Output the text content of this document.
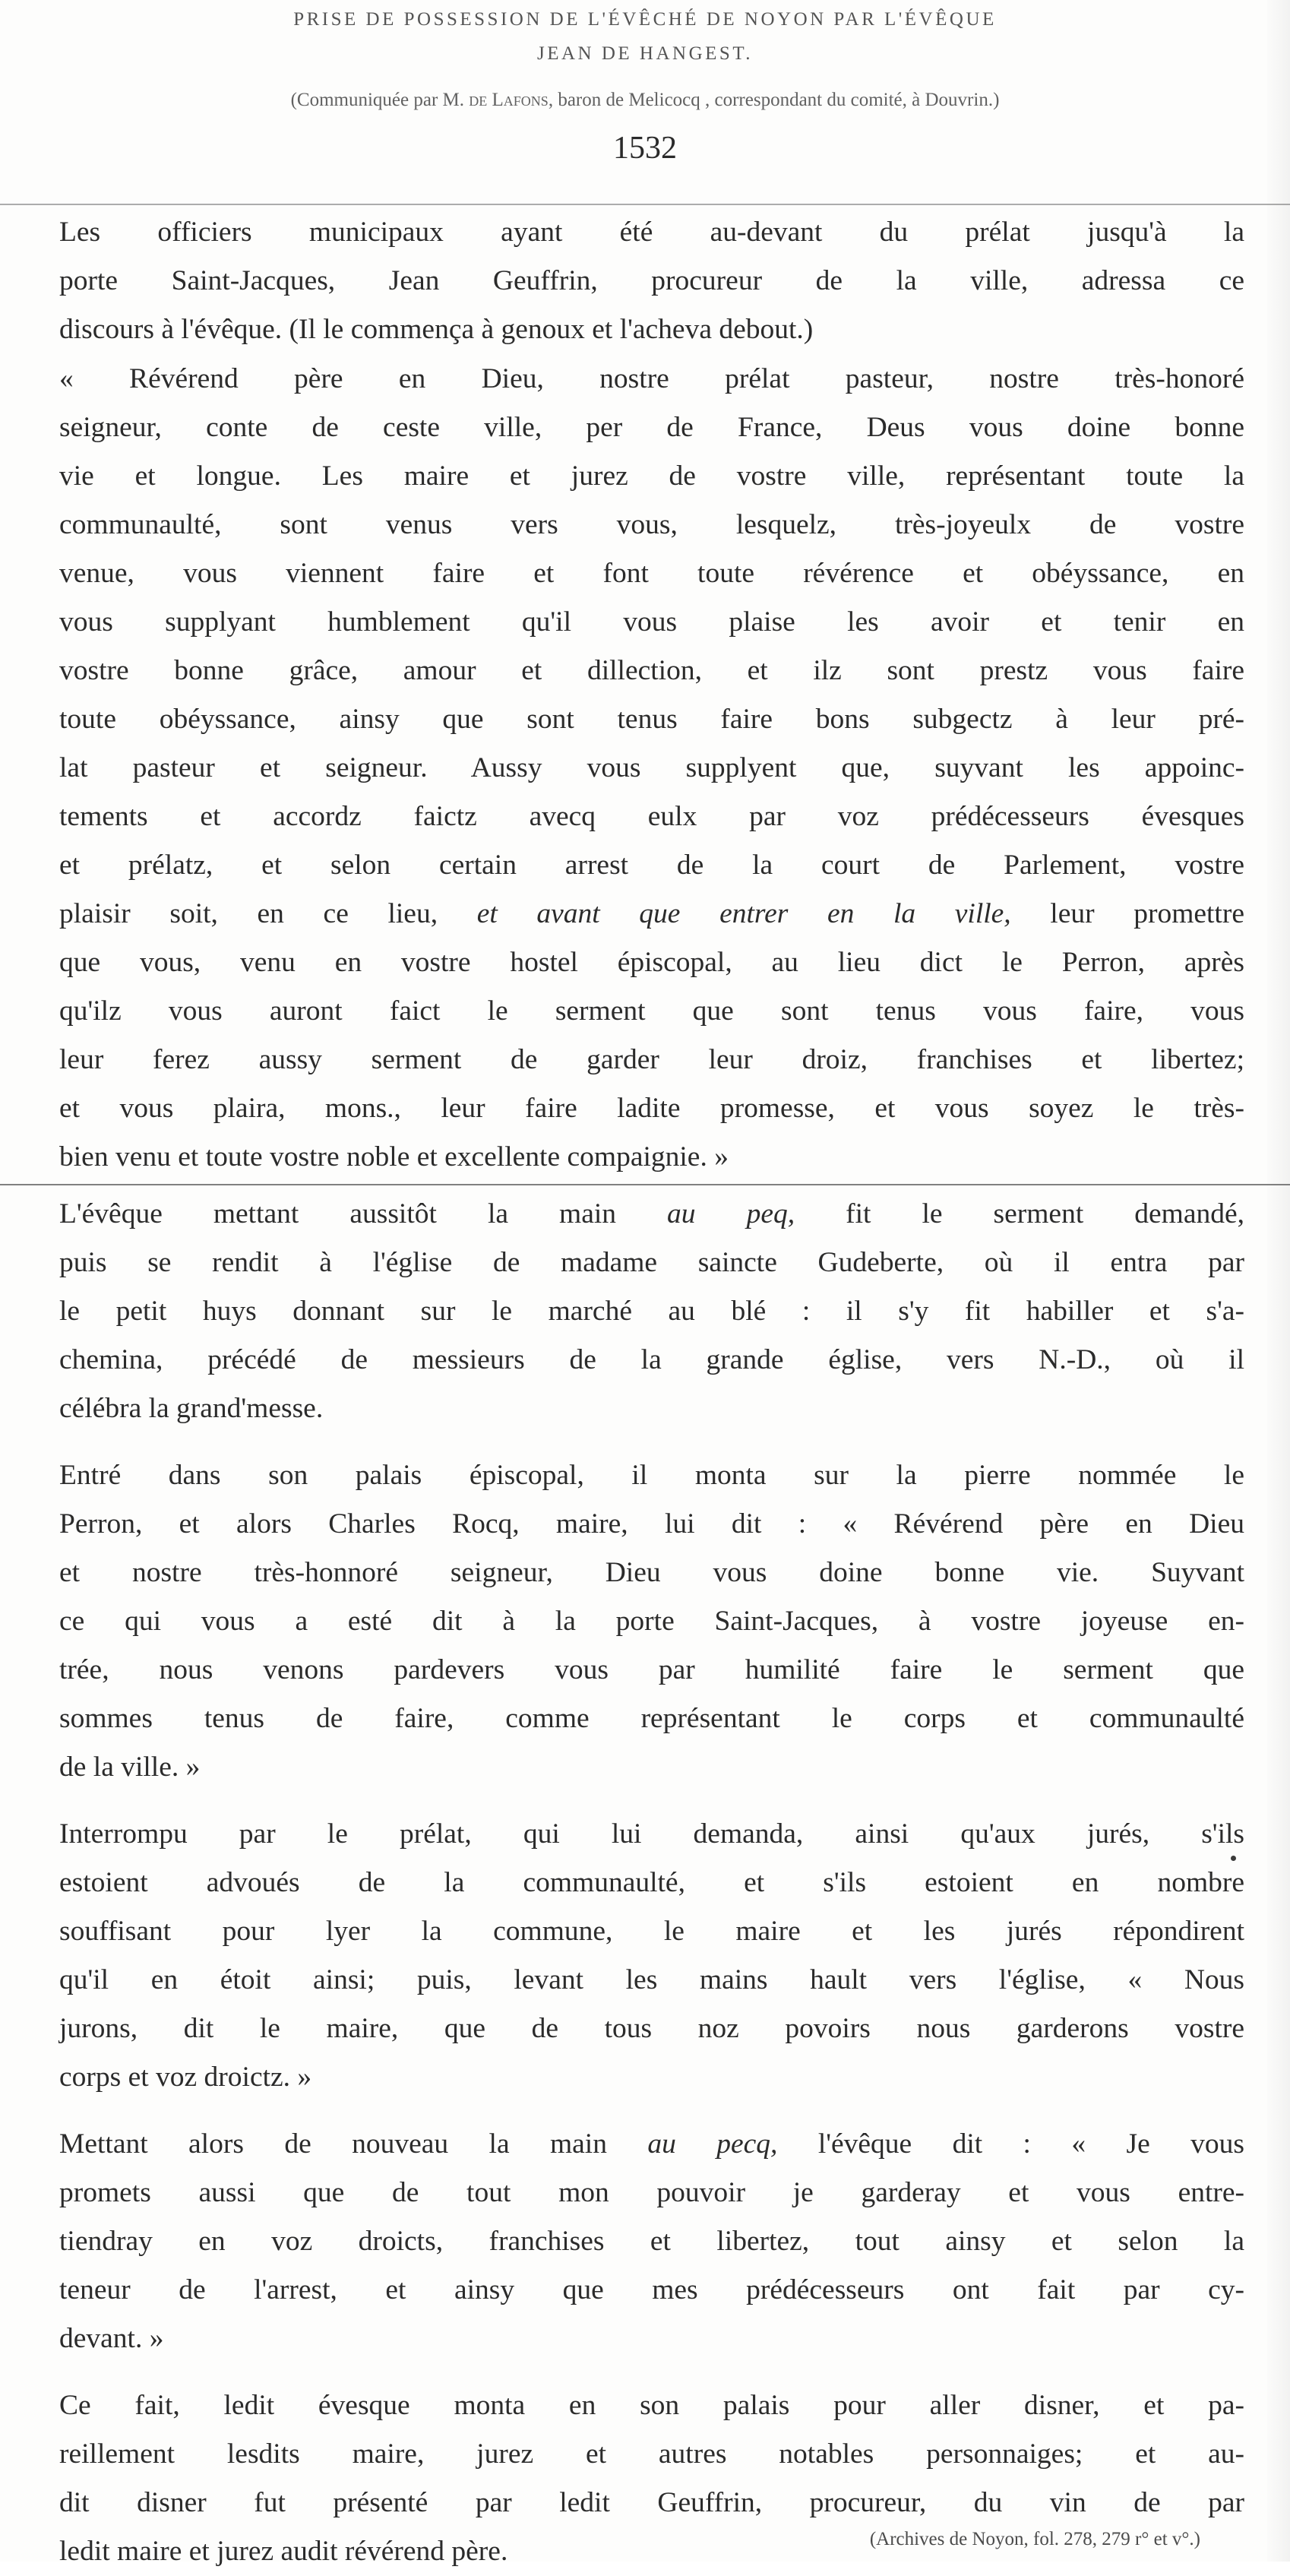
PRISE DE POSSESSION DE L'ÉVÊCHÉ DE NOYON PAR L'ÉVÊQUE
JEAN DE HANGEST.
(Communiquée par M. de Lafons, baron de Melicocq , correspondant du comité, à Douvrin.)
1532

Les officiers municipaux ayant été au-devant du prélat jusqu'à la
porte Saint-Jacques, Jean Geuffrin, procureur de la ville, adressa ce
discours à l'évêque. (Il le commença à genoux et l'acheva debout.)

« Révérend père en Dieu, nostre prélat pasteur, nostre très-honoré
seigneur, conte de ceste ville, per de France, Deus vous doine bonne
vie et longue. Les maire et jurez de vostre ville, représentant toute la
communaulté, sont venus vers vous, lesquelz, très-joyeulx de vostre
venue, vous viennent faire et font toute révérence et obéyssance, en
vous supplyant humblement qu'il vous plaise les avoir et tenir en
vostre bonne grâce, amour et dillection, et ilz sont prestz vous faire
toute obéyssance, ainsy que sont tenus faire bons subgectz à leur pré-
lat pasteur et seigneur. Aussy vous supplyent que, suyvant les appoinc-
tements et accordz faictz avecq eulx par voz prédécesseurs évesques
et prélatz, et selon certain arrest de la court de Parlement, vostre
plaisir soit, en ce lieu, et avant que entrer en la ville, leur promettre
que vous, venu en vostre hostel épiscopal, au lieu dict le Perron, après
qu'ilz vous auront faict le serment que sont tenus vous faire, vous
leur ferez aussy serment de garder leur droiz, franchises et libertez;
et vous plaira, mons., leur faire ladite promesse, et vous soyez le très-
bien venu et toute vostre noble et excellente compaignie. »

L'évêque mettant aussitôt la main au peq, fit le serment demandé,
puis se rendit à l'église de madame saincte Gudeberte, où il entra par
le petit huys donnant sur le marché au blé : il s'y fit habiller et s'a-
chemina, précédé de messieurs de la grande église, vers N.-D., où il
célébra la grand'messe.

Entré dans son palais épiscopal, il monta sur la pierre nommée le
Perron, et alors Charles Rocq, maire, lui dit : « Révérend père en Dieu
et nostre très-honnoré seigneur, Dieu vous doine bonne vie. Suyvant
ce qui vous a esté dit à la porte Saint-Jacques, à vostre joyeuse en-
trée, nous venons pardevers vous par humilité faire le serment que
sommes tenus de faire, comme représentant le corps et communaulté
de la ville. »

Interrompu par le prélat, qui lui demanda, ainsi qu'aux jurés, s'ils
estoient advoués de la communaulté, et s'ils estoient en nombre
souffisant pour lyer la commune, le maire et les jurés répondirent
qu'il en étoit ainsi; puis, levant les mains hault vers l'église, « Nous
jurons, dit le maire, que de tous noz povoirs nous garderons vostre
corps et voz droictz. »

Mettant alors de nouveau la main au pecq, l'évêque dit : « Je vous
promets aussi que de tout mon pouvoir je garderay et vous entre-
tiendray en voz droicts, franchises et libertez, tout ainsy et selon la
teneur de l'arrest, et ainsy que mes prédécesseurs ont fait par cy-
devant. »

Ce fait, ledit évesque monta en son palais pour aller disner, et pa-
reillement lesdits maire, jurez et autres notables personnaiges; et au-
dit disner fut présenté par ledit Geuffrin, procureur, du vin de par
ledit maire et jurez audit révérend père.	(Archives de Noyon, fol. 278, 279 r° et v°.)
